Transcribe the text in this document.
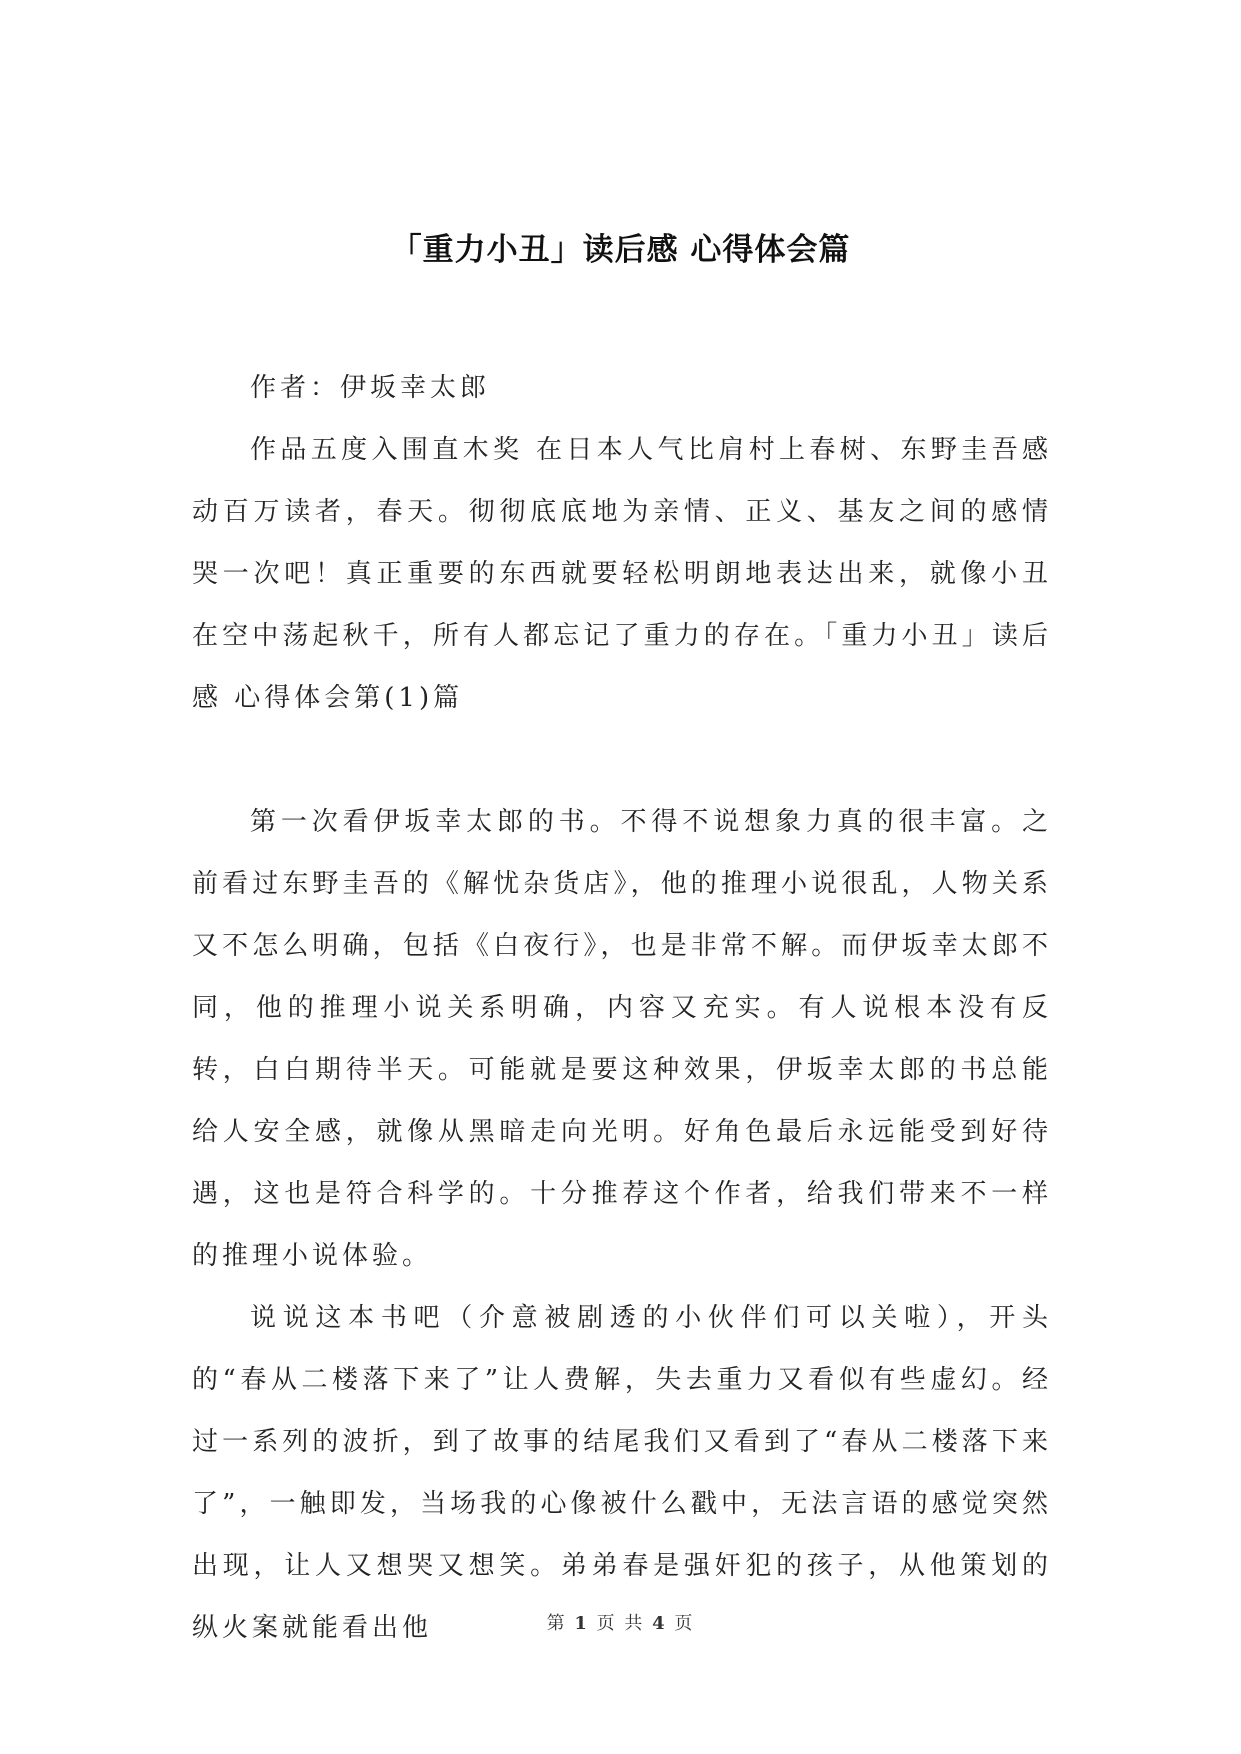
「重力小丑」读后感 心得体会篇

作者：伊坂幸太郎

作品五度入围直木奖 在日本人气比肩村上春树、东野圭吾感动百万读者，春天。彻彻底底地为亲情、正义、基友之间的感情哭一次吧！真正重要的东西就要轻松明朗地表达出来，就像小丑在空中荡起秋千，所有人都忘记了重力的存在。「重力小丑」读后感 心得体会第(1)篇

第一次看伊坂幸太郎的书。不得不说想象力真的很丰富。之前看过东野圭吾的《解忧杂货店》，他的推理小说很乱，人物关系又不怎么明确，包括《白夜行》，也是非常不解。而伊坂幸太郎不同，他的推理小说关系明确，内容又充实。有人说根本没有反转，白白期待半天。可能就是要这种效果，伊坂幸太郎的书总能给人安全感，就像从黑暗走向光明。好角色最后永远能受到好待遇，这也是符合科学的。十分推荐这个作者，给我们带来不一样的推理小说体验。

说说这本书吧（介意被剧透的小伙伴们可以关啦），开头的“春从二楼落下来了”让人费解，失去重力又看似有些虚幻。经过一系列的波折，到了故事的结尾我们又看到了“春从二楼落下来了”，一触即发，当场我的心像被什么戳中，无法言语的感觉突然出现，让人又想哭又想笑。弟弟春是强奸犯的孩子，从他策划的纵火案就能看出他	第 1 页 共 4 页
